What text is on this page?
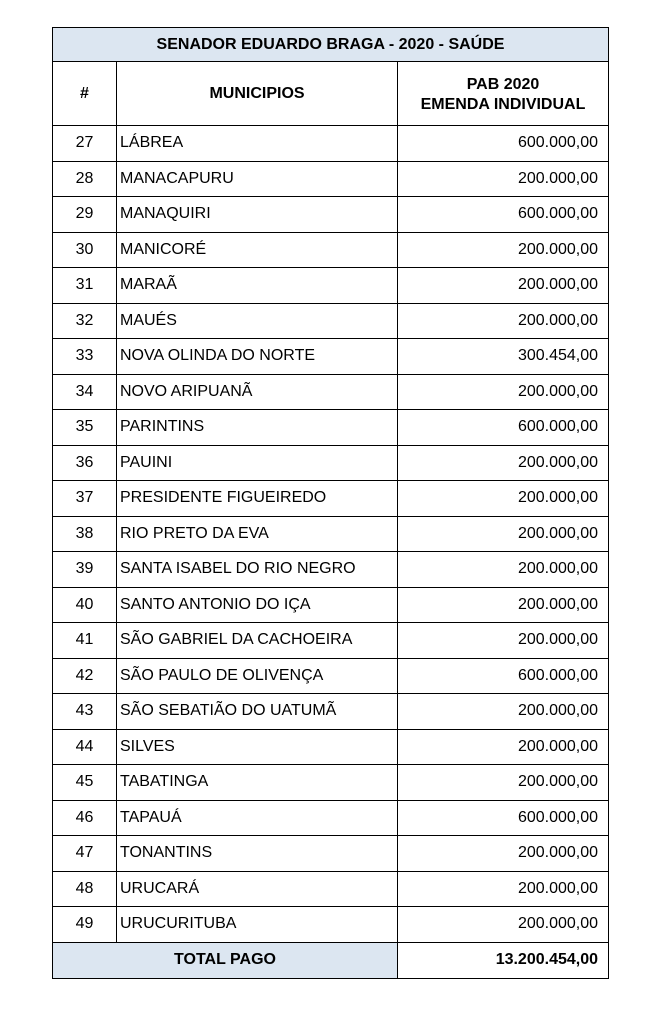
SENADOR EDUARDO BRAGA - 2020 - SAÚDE		
#	MUNICIPIOS	PAB 2020
EMENDA INDIVIDUAL
27	LÁBREA	600.000,00
28	MANACAPURU	200.000,00
29	MANAQUIRI	600.000,00
30	MANICORÉ	200.000,00
31	MARAÃ	200.000,00
32	MAUÉS	200.000,00
33	NOVA OLINDA DO NORTE	300.454,00
34	NOVO ARIPUANÃ	200.000,00
35	PARINTINS	600.000,00
36	PAUINI	200.000,00
37	PRESIDENTE FIGUEIREDO	200.000,00
38	RIO PRETO DA EVA	200.000,00
39	SANTA ISABEL DO RIO NEGRO	200.000,00
40	SANTO ANTONIO DO IÇA	200.000,00
41	SÃO GABRIEL DA CACHOEIRA	200.000,00
42	SÃO PAULO DE OLIVENÇA	600.000,00
43	SÃO SEBATIÃO DO UATUMÃ	200.000,00
44	SILVES	200.000,00
45	TABATINGA	200.000,00
46	TAPAUÁ	600.000,00
47	TONANTINS	200.000,00
48	URUCARÁ	200.000,00
49	URUCURITUBA	200.000,00
TOTAL PAGO		13.200.454,00
